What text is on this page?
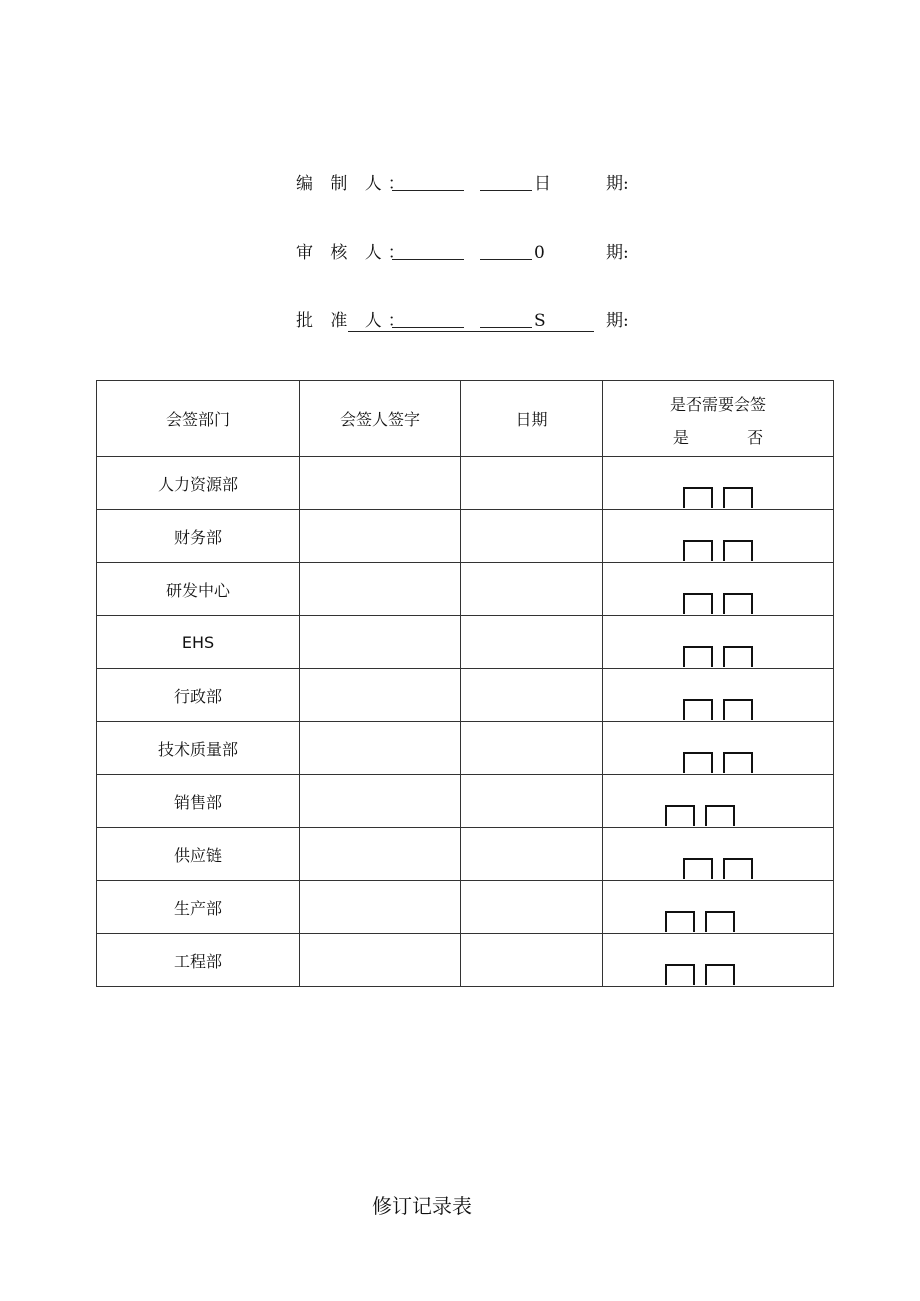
编 制 人：	日	期:
审 核 人：	0	期:
批 准 人：	S	期:
会签部门	会签人签字	日期	是否需要会签
是 否

人力资源部			

财务部			

研发中心			

EHS			

行政部			

技术质量部			

销售部			

供应链			

生产部			

工程部			
修订记录表
